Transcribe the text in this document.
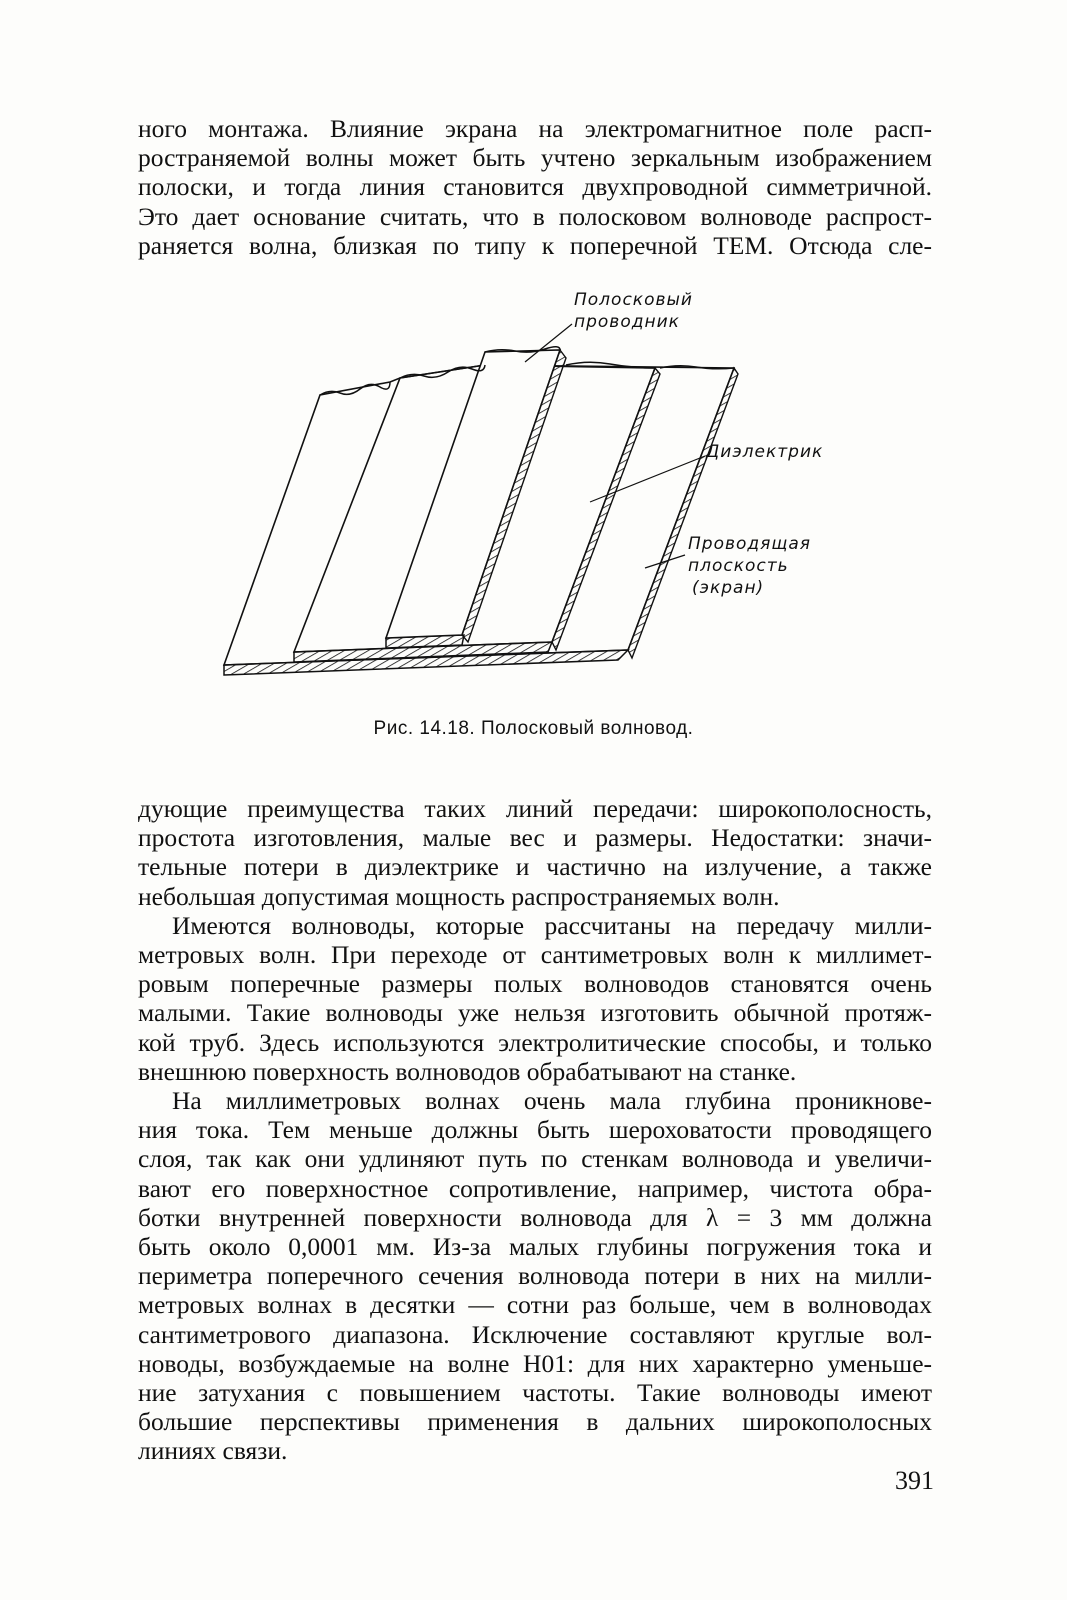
ного монтажа. Влияние экрана на электромагнитное поле расп-
ространяемой волны может быть учтено зеркальным изображением
полоски, и тогда линия становится двухпроводной симметричной.
Это дает основание считать, что в полосковом волноводе распрост-
раняется волна, близкая по типу к поперечной TEM. Отсюда сле-
Полосковый
проводник
Диэлектрик
Проводящая
плоскость
(экран)
Рис. 14.18. Полосковый волновод.
дующие преимущества таких линий передачи: широкополосность,
простота изготовления, малые вес и размеры. Недостатки: значи-
тельные потери в диэлектрике и частично на излучение, а также
небольшая допустимая мощность распространяемых волн.
Имеются волноводы, которые рассчитаны на передачу милли-
метровых волн. При переходе от сантиметровых волн к миллимет-
ровым поперечные размеры полых волноводов становятся очень
малыми. Такие волноводы уже нельзя изготовить обычной протяж-
кой труб. Здесь используются электролитические способы, и только
внешнюю поверхность волноводов обрабатывают на станке.
На миллиметровых волнах очень мала глубина проникнове-
ния тока. Тем меньше должны быть шероховатости проводящего
слоя, так как они удлиняют путь по стенкам волновода и увеличи-
вают его поверхностное сопротивление, например, чистота обра-
ботки внутренней поверхности волновода для λ = 3 мм должна
быть около 0,0001 мм. Из-за малых глубины погружения тока и
периметра поперечного сечения волновода потери в них на милли-
метровых волнах в десятки — сотни раз больше, чем в волноводах
сантиметрового диапазона. Исключение составляют круглые вол-
новоды, возбуждаемые на волне H01: для них характерно уменьше-
ние затухания с повышением частоты. Такие волноводы имеют
большие перспективы применения в дальних широкополосных
линиях связи.
391
